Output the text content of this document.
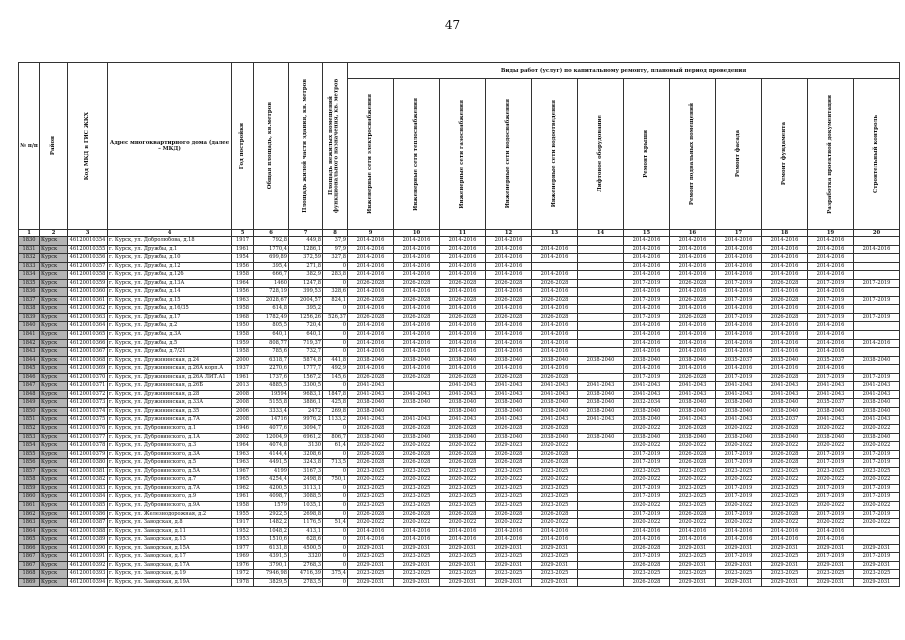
47
№ п/п	Район	Код МКД в ГИС ЖКХ	Адрес многоквартирного дома (далее – МКД)	Год постройки	Общая площадь, кв.метров	Площадь жилой части здания, кв. метров	Площадь нежилых помещений функционального назначения, кв. метров	Виды работ (услуг) по капитальному ремонту, плановый период проведения											

								Инженерные сети электроснабжения	Инженерные сети теплоснабжения	Инженерные сети газоснабжения	Инженерные сети водоснабжения	Инженерные сети водоотведения	Лифтовое оборудование	Ремонт крыши	Ремонт подвальных помещений	Ремонт фасада	Ремонт фундамента	Разработка проектной документации	Строительный контроль

1	2	3	4	5	6	7	8	9	10	11	12	13	14	15	16	17	18	19	20
1830	Курск	46120010354	г. Курск, ул. Добролюбова, д.18	1917	792,8	449,8	37,9	2014-2016	2014-2016	2014-2016	2014-2016			2014-2016	2014-2016	2014-2016	2014-2016	2014-2016	
1831	Курск	46120010355	г. Курск, ул. Дружбы, д.1	1961	1770,4	1286,1	97,9	2014-2016	2014-2016	2014-2016	2014-2016	2014-2016		2014-2016	2014-2016	2014-2016	2014-2016	2014-2016	2014-2016
1832	Курск	46120010356	г. Курск, ул. Дружбы, д.10	1954	699,89	372,59	327,8	2014-2016	2014-2016	2014-2016	2014-2016	2014-2016		2014-2016	2014-2016	2014-2016	2014-2016	2014-2016	
1833	Курск	46120010357	г. Курск, ул. Дружбы, д.12	1956	395,4	271,8	0	2014-2016	2014-2016	2014-2016	2014-2016			2014-2016	2014-2016	2014-2016	2014-2016	2014-2016	
1834	Курск	46120010358	г. Курск, ул. Дружбы, д.12б	1958	666,7	382,9	283,8	2014-2016	2014-2016	2014-2016	2014-2016	2014-2016		2014-2016	2014-2016	2014-2016	2014-2016	2014-2016	
1835	Курск	46120010359	г. Курск, ул. Дружбы, д.13А	1964	1460	1247,8	0	2026-2028	2026-2028	2026-2028	2026-2028	2026-2028		2017-2019	2026-2028	2017-2019	2026-2028	2017-2019	2017-2019
1836	Курск	46120010360	г. Курск, ул. Дружбы, д.14	1956	728,19	399,53	328,6	2014-2016	2014-2016	2014-2016	2014-2016	2014-2016		2014-2016	2014-2016	2014-2016	2014-2016	2014-2016	
1837	Курск	46120010361	г. Курск, ул. Дружбы, д.15	1963	2028,67	2004,57	824,1	2026-2028	2026-2028	2026-2028	2026-2028	2026-2028		2017-2019	2026-2028	2017-2019	2026-2028	2017-2019	2017-2019
1838	Курск	46120010362	г. Курск, ул. Дружбы, д.16/35	1958	614,8	395,2	0	2014-2016	2014-2016	2014-2016	2014-2016	2014-2016		2014-2016	2014-2016	2014-2016	2014-2016	2014-2016	
1839	Курск	46120010363	г. Курск, ул. Дружбы, д.17	1968	1782,49	1256,26	526,37	2026-2028	2026-2028	2026-2028	2026-2028	2026-2028		2017-2019	2026-2028	2017-2019	2026-2028	2017-2019	2017-2019
1840	Курск	46120010364	г. Курск, ул. Дружбы, д.2	1950	805,5	720,4	0	2014-2016	2014-2016	2014-2016	2014-2016	2014-2016		2014-2016	2014-2016	2014-2016	2014-2016	2014-2016	
1841	Курск	46120010365	г. Курск, ул. Дружбы, д.3А	1958	640,1	640,1	0	2014-2016	2014-2016	2014-2016	2014-2016	2014-2016		2014-2016	2014-2016	2014-2016	2014-2016	2014-2016	
1842	Курск	46120010366	г. Курск, ул. Дружбы, д.5	1959	808,77	719,37	0	2014-2016	2014-2016	2014-2016	2014-2016	2014-2016		2014-2016	2014-2016	2014-2016	2014-2016	2014-2016	2014-2016
1843	Курск	46120010367	г. Курск, ул. Дружбы, д.7/21	1958	785,6	732,7	0	2014-2016	2014-2016	2014-2016	2014-2016	2014-2016		2014-2016	2014-2016	2014-2016	2014-2016	2014-2016	
1844	Курск	46120010368	г. Курск, ул. Дружининская, д.24	2000	6318,7	5874,8	441,8	2038-2040	2038-2040	2038-2040	2038-2040	2038-2040	2038-2040	2038-2040	2038-2040	2035-2037	2035-2040	2035-2037	2038-2040
1845	Курск	46120010369	г. Курск, ул. Дружининская, д.26А корп.А	1937	2270,6	1777,7	492,9	2014-2016	2014-2016	2014-2016	2014-2016	2014-2016		2014-2016	2014-2016	2014-2016	2014-2016	2014-2016	
1846	Курск	46120010370	г. Курск, ул. Дружининская, д.26А ЛИТ.А1	1961	1737,6	1567,2	145,6	2026-2028	2026-2028	2026-2028	2026-2028	2026-2028		2017-2019	2026-2028	2017-2019	2026-2028	2017-2019	2017-2019
1847	Курск	46120010371	г. Курск, ул. Дружининская, д.26Б	2013	4885,5	3300,5	0	2041-2043		2041-2043	2041-2043	2041-2043	2041-2043	2041-2043	2041-2043	2041-2043	2041-2043	2041-2043	2041-2043
1848	Курск	46120010372	г. Курск, ул. Дружининская, д.28	2008	19594	9683,1	1847,8	2041-2043	2041-2043	2041-2043	2041-2043	2041-2043	2038-2040	2041-2043	2041-2043	2041-2043	2041-2043	2041-2043	2041-2043
1849	Курск	46120010373	г. Курск, ул. Дружининская, д.33А	2008	5155,8	3886,1	425,8	2038-2040	2038-2040	2038-2040	2038-2040	2038-2040	2038-2040	2032-2034	2038-2040	2038-2040	2038-2040	2035-2037	2038-2040
1850	Курск	46120010374	г. Курск, ул. Дружининская, д.35	2006	3333,4	2472	269,8	2038-2040		2038-2040	2038-2040	2038-2040	2038-2040	2038-2040	2038-2040	2038-2040	2038-2040	2038-2040	2038-2040
1851	Курск	46120010375	г. Курск, ул. Дружининская, д.7А	2008	14716	9976,2	1133,2	2041-2043	2041-2043	2041-2043	2041-2043	2041-2043	2041-2043	2038-2040	2041-2043	2041-2043	2035-2037	2041-2043	2041-2043
1852	Курск	46120010376	г. Курск, ул. Дубровинского, д.1	1946	4077,6	3094,7	0	2026-2028	2026-2028	2026-2028	2026-2028	2026-2028		2020-2022	2026-2028	2020-2022	2026-2028	2020-2022	2020-2022
1853	Курск	46120010377	г. Курск, ул. Дубровинского, д.1А	2002	12004,9	6961,2	806,7	2038-2040	2038-2040	2038-2040	2038-2040	2038-2040	2038-2040	2038-2040	2038-2040	2038-2040	2038-2040	2038-2040	2038-2040
1854	Курск	46120010378	г. Курск, ул. Дубровинского, д.3	1964	4074,8	3130	61,4	2020-2022	2020-2022	2020-2022	2029-2023	2020-2022		2020-2022	2020-2022	2020-2022	2020-2022	2020-2022	2020-2022
1855	Курск	46120010379	г. Курск, ул. Дубровинского, д.3А	1963	4144,4	3208,6	0	2026-2028	2026-2028	2026-2028	2026-2028	2026-2028		2017-2019	2026-2028	2017-2019	2026-2028	2017-2019	2017-2019
1856	Курск	46120010380	г. Курск, ул. Дубровинского, д.5	1963	4491,5	3243,8	713,5	2026-2028	2026-2028	2026-2028	2026-2028	2026-2028		2017-2019	2026-2028	2017-2019	2026-2028	2017-2019	2017-2019
1857	Курск	46120010381	г. Курск, ул. Дубровинского, д.5А	1967	4199	3167,3	0	2023-2025	2023-2025	2023-2025	2023-2025	2023-2025		2023-2025	2023-2025	2023-2025	2023-2025	2023-2025	2023-2025
1858	Курск	46120010382	г. Курск, ул. Дубровинского, д.7	1965	4254,4	2498,8	750,1	2020-2022	2020-2022	2020-2022	2020-2022	2020-2022		2020-2022	2020-2022	2020-2022	2020-2022	2020-2022	2020-2022
1859	Курск	46120010383	г. Курск, ул. Дубровинского, д.7А	1962	4200,5	3113,1	0	2023-2025	2023-2025	2023-2025	2023-2025	2023-2025		2017-2019	2023-2025	2017-2019	2023-2025	2017-2019	2017-2019
1860	Курск	46120010384	г. Курск, ул. Дубровинского, д.9	1961	4098,7	3088,5	0	2023-2025	2023-2025	2023-2025	2023-2025	2023-2025		2017-2019	2023-2025	2017-2019	2023-2025	2017-2019	2017-2019
1861	Курск	46120010385	г. Курск, ул. Дубровинского, д.9А	1958	1579	1035,1	0	2023-2025	2023-2025	2023-2025	2023-2025	2023-2025		2020-2022	2023-2025	2020-2022	2023-2025	2020-2022	2020-2022
1862	Курск	46120010386	г. Курск, ул. Железнодорожная, д.2	1955	2922,5	2698,8	0	2026-2028	2026-2028	2026-2028	2026-2028	2026-2028		2017-2019	2026-2028	2017-2019	2026-2028	2017-2019	2017-2019
1863	Курск	46120010387	г. Курск, ул. Заводская, д.8	1917	1482,2	1176,5	51,4	2020-2022	2020-2022	2020-2022	2020-2022	2020-2022		2020-2022	2020-2022	2020-2022	2020-2022	2020-2022	2020-2022
1864	Курск	46120010388	г. Курск, ул. Заводская, д.11	1952	1048,2	413,1	0	2014-2016	2014-2016	2014-2016	2014-2016	2014-2016		2014-2016	2014-2016	2014-2016	2014-2016	2014-2016	
1865	Курск	46120010389	г. Курск, ул. Заводская, д.13	1953	1510,6	628,6	0	2014-2016	2014-2016	2014-2016	2014-2016	2014-2016		2014-2016	2014-2016	2014-2016	2014-2016	2014-2016	
1866	Курск	46120010390	г. Курск, ул. Заводская, д.15А	1977	6131,8	4500,5	0	2029-2031	2029-2031	2029-2031	2029-2031	2029-2031		2026-2028	2029-2031	2029-2031	2029-2031	2029-2031	2029-2031
1867	Курск	46120010391	г. Курск, ул. Заводская, д.17	1969	4391,5	3320	0	2023-2025	2023-2025	2023-2025	2023-2025	2023-2025		2017-2019	2023-2025	2017-2019	2023-2025	2017-2019	2017-2019
1867	Курск	46120010392	г. Курск, ул. Заводская, д.17А	1976	3790,1	2768,3	0	2029-2031	2029-2031	2029-2031	2029-2031	2029-2031		2026-2028	2029-2031	2029-2031	2029-2031	2029-2031	2029-2031
1868	Курск	46120010393	г. Курск, ул. Заводская, д.19	1972	7946,98	4716,39	375,4	2023-2025	2023-2025	2023-2025	2023-2025	2023-2025		2023-2025	2023-2025	2023-2025	2023-2025	2023-2025	2023-2025
1869	Курск	46120010394	г. Курск, ул. Заводская, д.19А	1978	3829,5	2783,5	0	2029-2031	2029-2031	2029-2031	2029-2031	2029-2031		2026-2028	2029-2031	2029-2031	2029-2031	2029-2031	2029-2031
